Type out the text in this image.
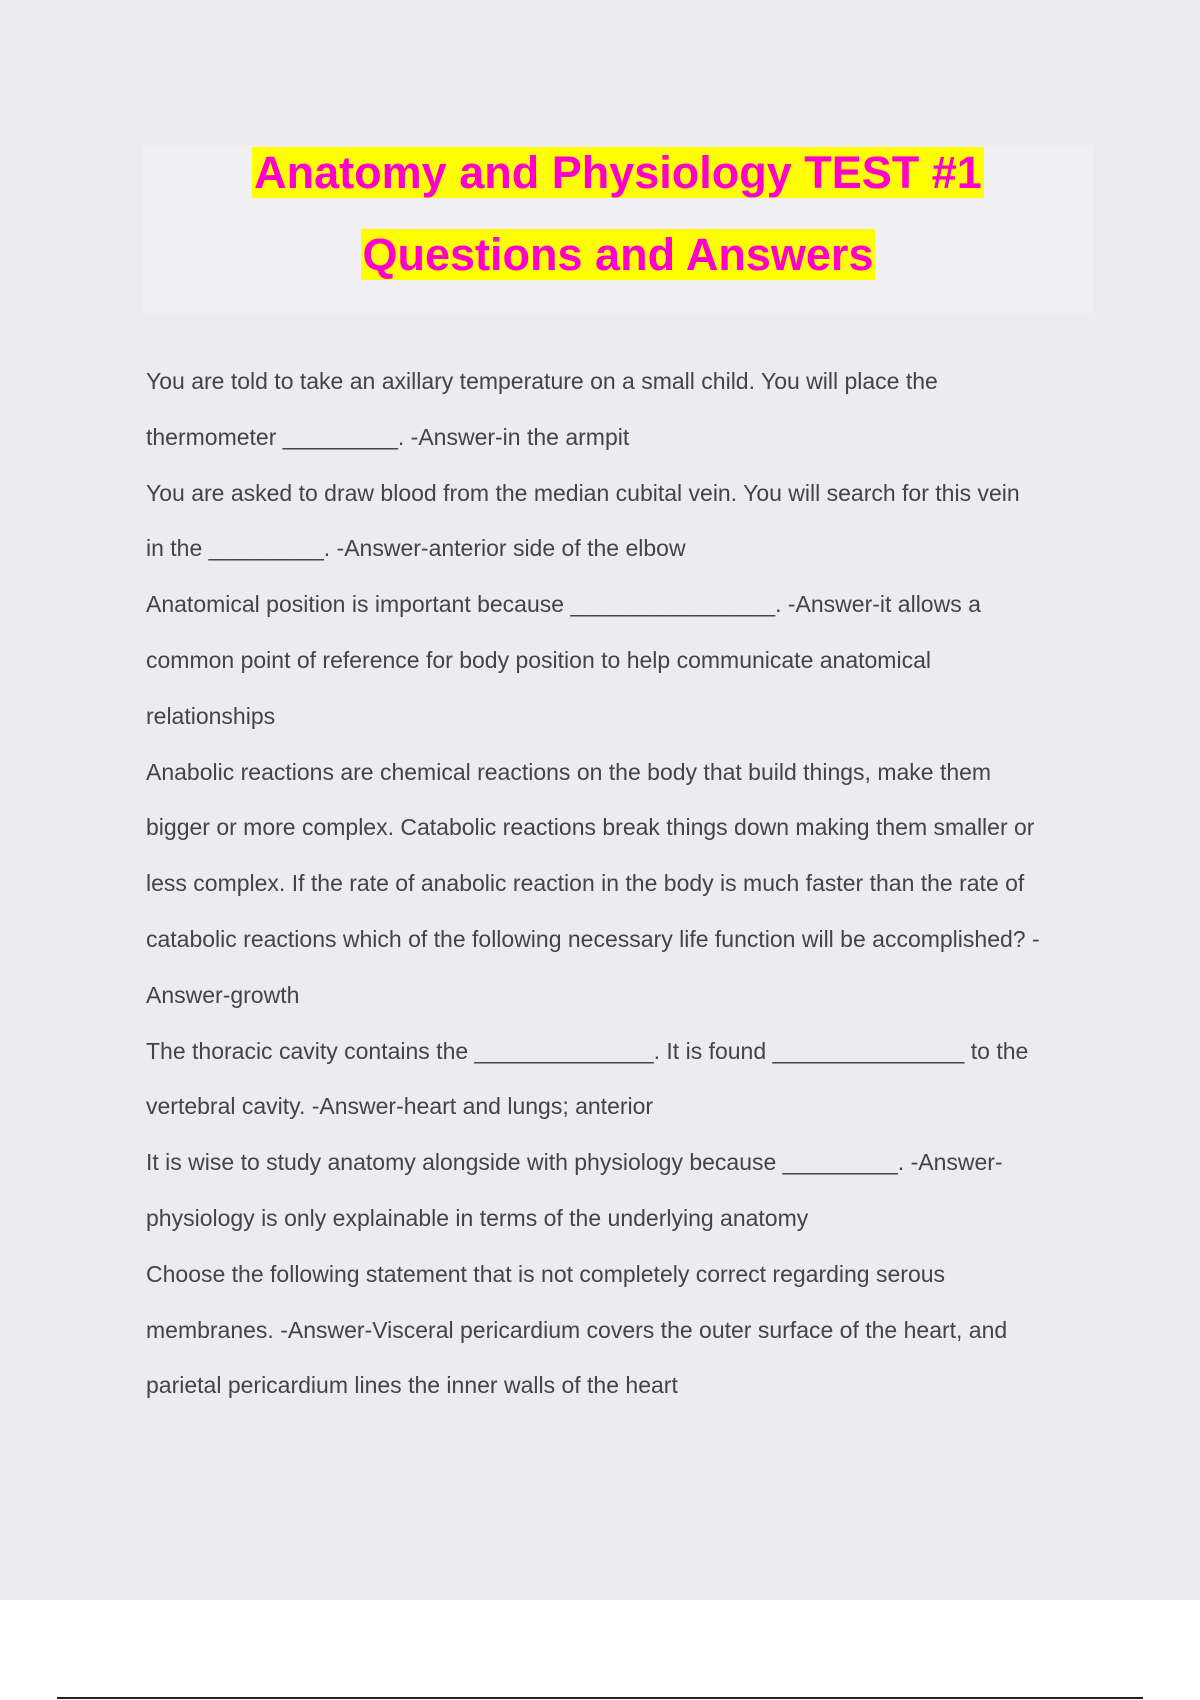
Anatomy and Physiology TEST #1
Questions and Answers
You are told to take an axillary temperature on a small child. You will place the
thermometer _________. -Answer-in the armpit
You are asked to draw blood from the median cubital vein. You will search for this vein
in the _________. -Answer-anterior side of the elbow
Anatomical position is important because ________________. -Answer-it allows a
common point of reference for body position to help communicate anatomical
relationships
Anabolic reactions are chemical reactions on the body that build things, make them
bigger or more complex. Catabolic reactions break things down making them smaller or
less complex. If the rate of anabolic reaction in the body is much faster than the rate of
catabolic reactions which of the following necessary life function will be accomplished? -
Answer-growth
The thoracic cavity contains the ______________. It is found _______________ to the
vertebral cavity. -Answer-heart and lungs; anterior
It is wise to study anatomy alongside with physiology because _________. -Answer-
physiology is only explainable in terms of the underlying anatomy
Choose the following statement that is not completely correct regarding serous
membranes. -Answer-Visceral pericardium covers the outer surface of the heart, and
parietal pericardium lines the inner walls of the heart
